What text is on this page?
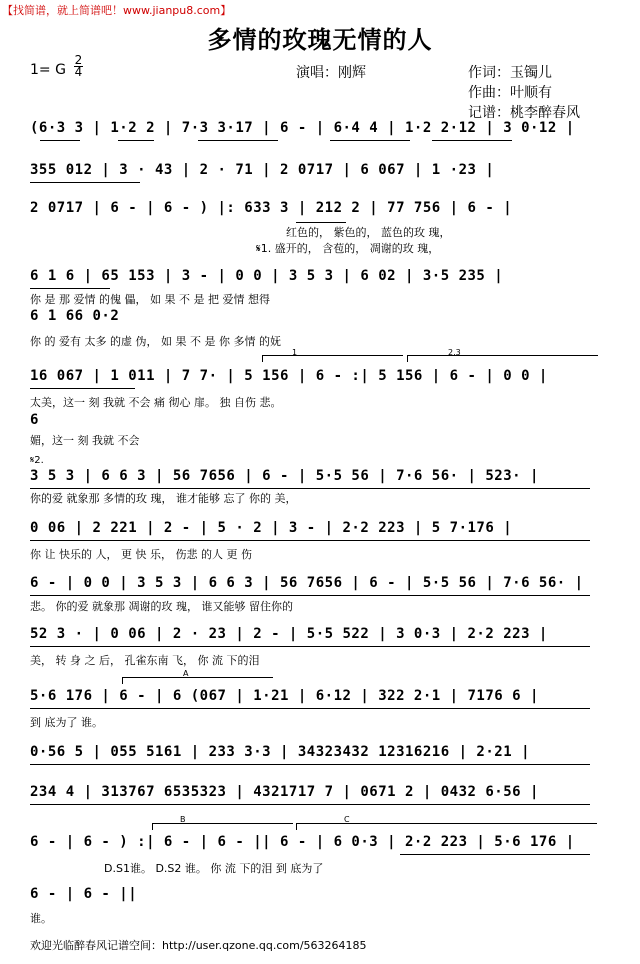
【找简谱，就上简谱吧！www.jianpu8.com】
多情的玫瑰无情的人
1= G
2
4	演唱：刚辉	作词：玉镯儿
作曲：叶顺有
记谱：桃李醉春风
(6·3 3 | 1·2 2 | 7·3 3·17 | 6 - | 6·4 4 | 1·2 2·12 | 3 0·12 |
355 012 | 3 · 43 | 2 · 71 | 2 0717 | 6 067 | 1 ·23 |
2 0717 | 6 - | 6 - ) |: 633 3 | 212 2 | 77 756 | 6 - |
6 1 6 | 65 153 | 3 - | 0 0 | 3 5 3 | 6 02 | 3·5 235 |
6 1 66 0·2
16 067 | 1 011 | 7 7· | 5 156 | 6 - :| 5 156 | 6 - | 0 0 |
6
3 5 3 | 6 6 3 | 56 7656 | 6 - | 5·5 56 | 7·6 56· | 523· |
0 06 | 2 221 | 2 - | 5 · 2 | 3 - | 2·2 223 | 5 7·176 |
6 - | 0 0 | 3 5 3 | 6 6 3 | 56 7656 | 6 - | 5·5 56 | 7·6 56· |
52 3 · | 0 06 | 2 · 23 | 2 - | 5·5 522 | 3 0·3 | 2·2 223 |
5·6 176 | 6 - | 6 (067 | 1·21 | 6·12 | 322 2·1 | 7176 6 |
0·56 5 | 055 5161 | 233 3·3 | 34323432 12316216 | 2·21 |
234 4 | 313767 6535323 | 4321717 7 | 0671 2 | 0432 6·56 |
6 - | 6 - ) :| 6 - | 6 - || 6 - | 6 0·3 | 2·2 223 | 5·6 176 |
6 - | 6 - ||
红色的， 紫色的， 蓝色的玫 瑰，
𝄋1. 盛开的， 含苞的， 凋谢的玫 瑰，
你 是 那 爱情 的傀 儡， 如 果 不 是 把 爱情 想得
你 的 爱有 太多 的虚 伪， 如 果 不 是 你 多情 的妩
太美，这一 刻 我就 不会 痛 彻心 扉。 独 自伤 悲。
媚，这一 刻 我就 不会
你的爱 就象那 多情的玫 瑰， 谁才能够 忘了 你的 美，
你 让 快乐的 人， 更 快 乐， 伤悲 的人 更 伤
悲。 你的爱 就象那 凋谢的玫 瑰， 谁又能够 留住你的
美， 转 身 之 后， 孔雀东南 飞， 你 流 下的泪
到 底为了 谁。
D.S1谁。 D.S2 谁。 你 流 下的泪 到 底为了
谁。
𝄋2.
1	2.3
A
B	C
欢迎光临醉春风记谱空间：http://user.qzone.qq.com/563264185
